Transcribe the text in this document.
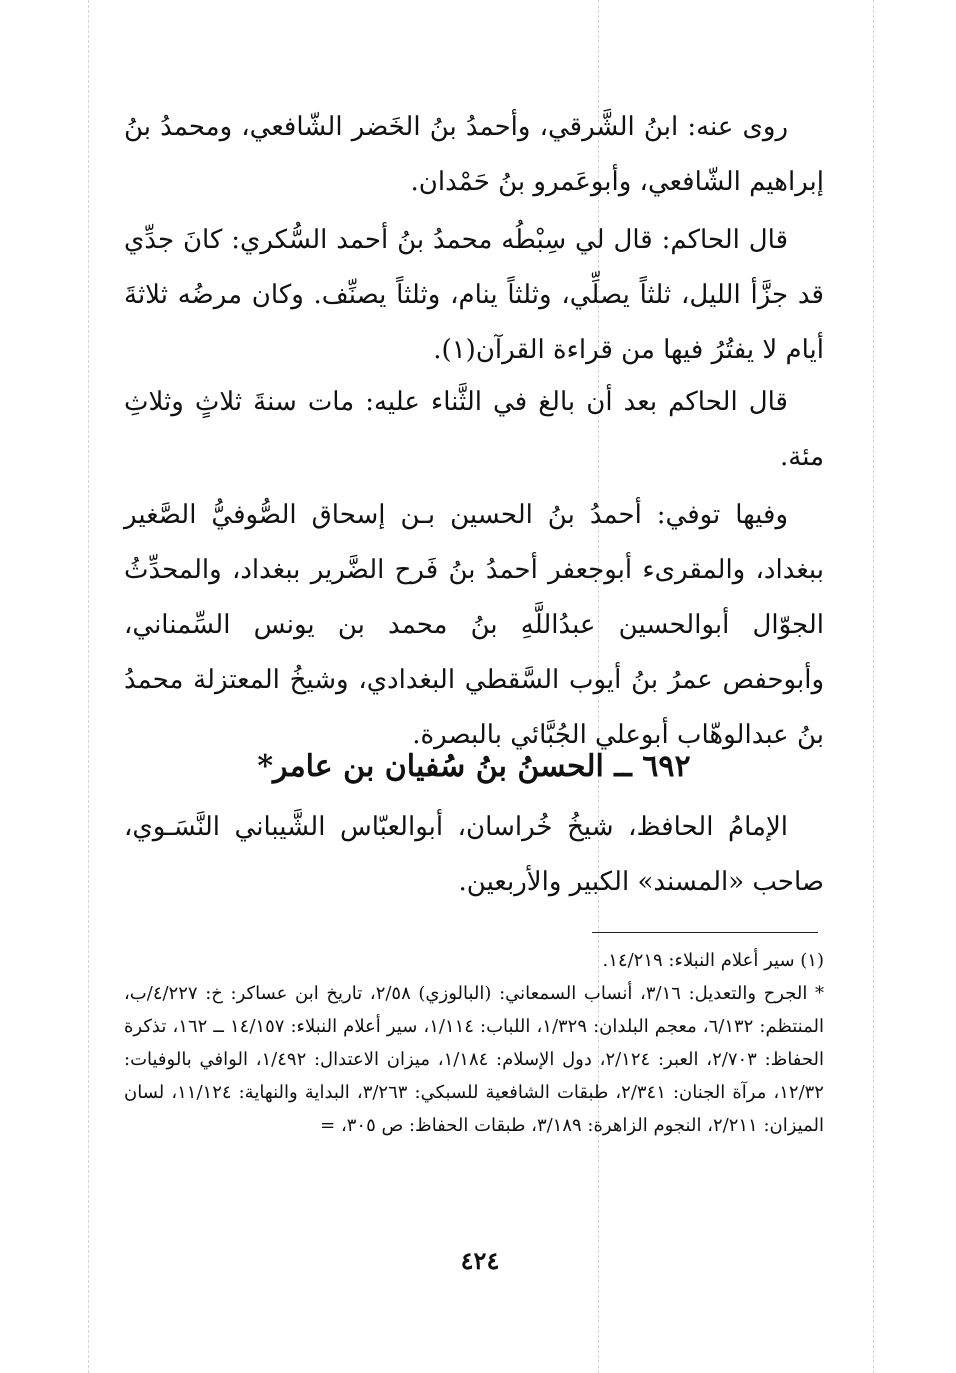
روى عنه: ابنُ الشَّرقي، وأحمدُ بنُ الخَضر الشّافعي، ومحمدُ بنُ إبراهيم الشّافعي، وأبوعَمرو بنُ حَمْدان.

قال الحاكم: قال لي سِبْطُه محمدُ بنُ أحمد السُّكري: كانَ جدِّي قد جزَّأ الليل، ثلثاً يصلِّي، وثلثاً ينام، وثلثاً يصنِّف. وكان مرضُه ثلاثةَ أيام لا يفتُرُ فيها من قراءة القرآن(١).

قال الحاكم بعد أن بالغ في الثَّناء عليه: مات سنةَ ثلاثٍ وثلاثِ مئة.

وفيها توفي: أحمدُ بنُ الحسين بـن إسحاق الصُّوفيُّ الصَّغير ببغداد، والمقرىء أبوجعفر أحمدُ بنُ فَرح الضَّرير ببغداد، والمحدِّثُ الجوّال أبوالحسين عبدُاللَّهِ بنُ محمد بن يونس السِّمناني، وأبوحفص عمرُ بنُ أيوب السَّقطي البغدادي، وشيخُ المعتزلة محمدُ بنُ عبدالوهّاب أبوعلي الجُبَّائي بالبصرة.

٦٩٢ ــ الحسنُ بنُ سُفيان بن عامر*

الإمامُ الحافظ، شيخُ خُراسان، أبوالعبّاس الشَّيباني النَّسَـوي، صاحب «المسند» الكبير والأربعين.

(١) سير أعلام النبلاء: ١٤/٢١٩.

* الجرح والتعديل: ٣/١٦، أنساب السمعاني: (البالوزي) ٢/٥٨، تاريخ ابن عساكر: خ: ٤/٢٢٧/ب، المنتظم: ٦/١٣٢، معجم البلدان: ١/٣٢٩، اللباب: ١/١١٤، سير أعلام النبلاء: ١٤/١٥٧ ــ ١٦٢، تذكرة الحفاظ: ٢/٧٠٣، العبر: ٢/١٢٤، دول الإسلام: ١/١٨٤، ميزان الاعتدال: ١/٤٩٢، الوافي بالوفيات: ١٢/٣٢، مرآة الجنان: ٢/٣٤١، طبقات الشافعية للسبكي: ٣/٢٦٣، البداية والنهاية: ١١/١٢٤، لسان الميزان: ٢/٢١١، النجوم الزاهرة: ٣/١٨٩، طبقات الحفاظ: ص ٣٠٥، =

٤٢٤
